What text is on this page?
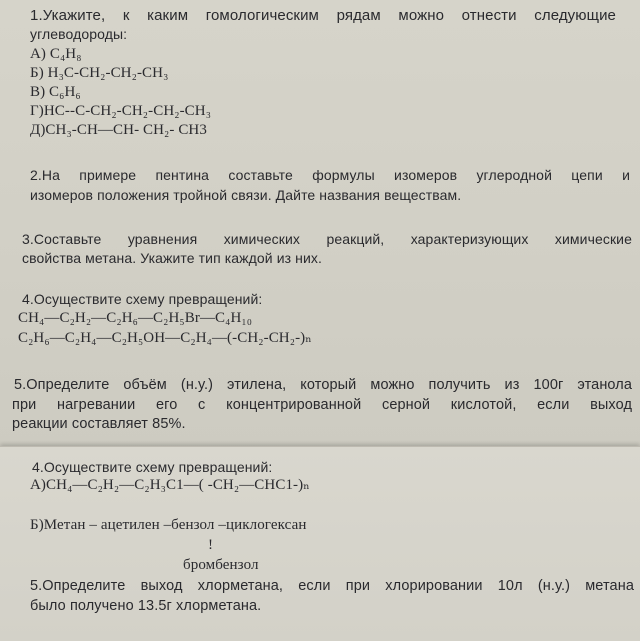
1.Укажите, к каким гомологическим рядам можно отнести следующие
углеводороды:
А) C₄H₈
Б) H₃C-CH₂-CH₂-CH₃
В) C₆H₆
Г)HC--C-CH₂-CH₂-CH₂-CH₃
Д)CH₃-CH—CH- CH₂- CH3
2.На примере пентина составьте формулы изомеров углеродной цепи и
изомеров положения тройной связи. Дайте названия веществам.
3.Составьте уравнения химических реакций, характеризующих химические
свойства метана. Укажите тип каждой из них.
4.Осуществите схему превращений:
CH₄—C₂H₂—C₂H₆—C₂H₅Br—C₄H₁₀
C₂H₆—C₂H₄—C₂H₅OH—C₂H₄—(-CH₂-CH₂-)ₙ
5.Определите объём (н.у.) этилена, который можно получить из 100г этанола
при нагревании его с концентрированной серной кислотой, если выход
реакции составляет 85%.
4.Осуществите схему превращений:
А)CH₄—C₂H₂—C₂H₃C1—( -CH₂—CHC1-)ₙ
Б)Метан – ацетилен –бензол –циклогексан
!
бромбензол
5.Определите выход хлорметана, если при хлорировании 10л (н.у.) метана
было получено 13.5г хлорметана.
